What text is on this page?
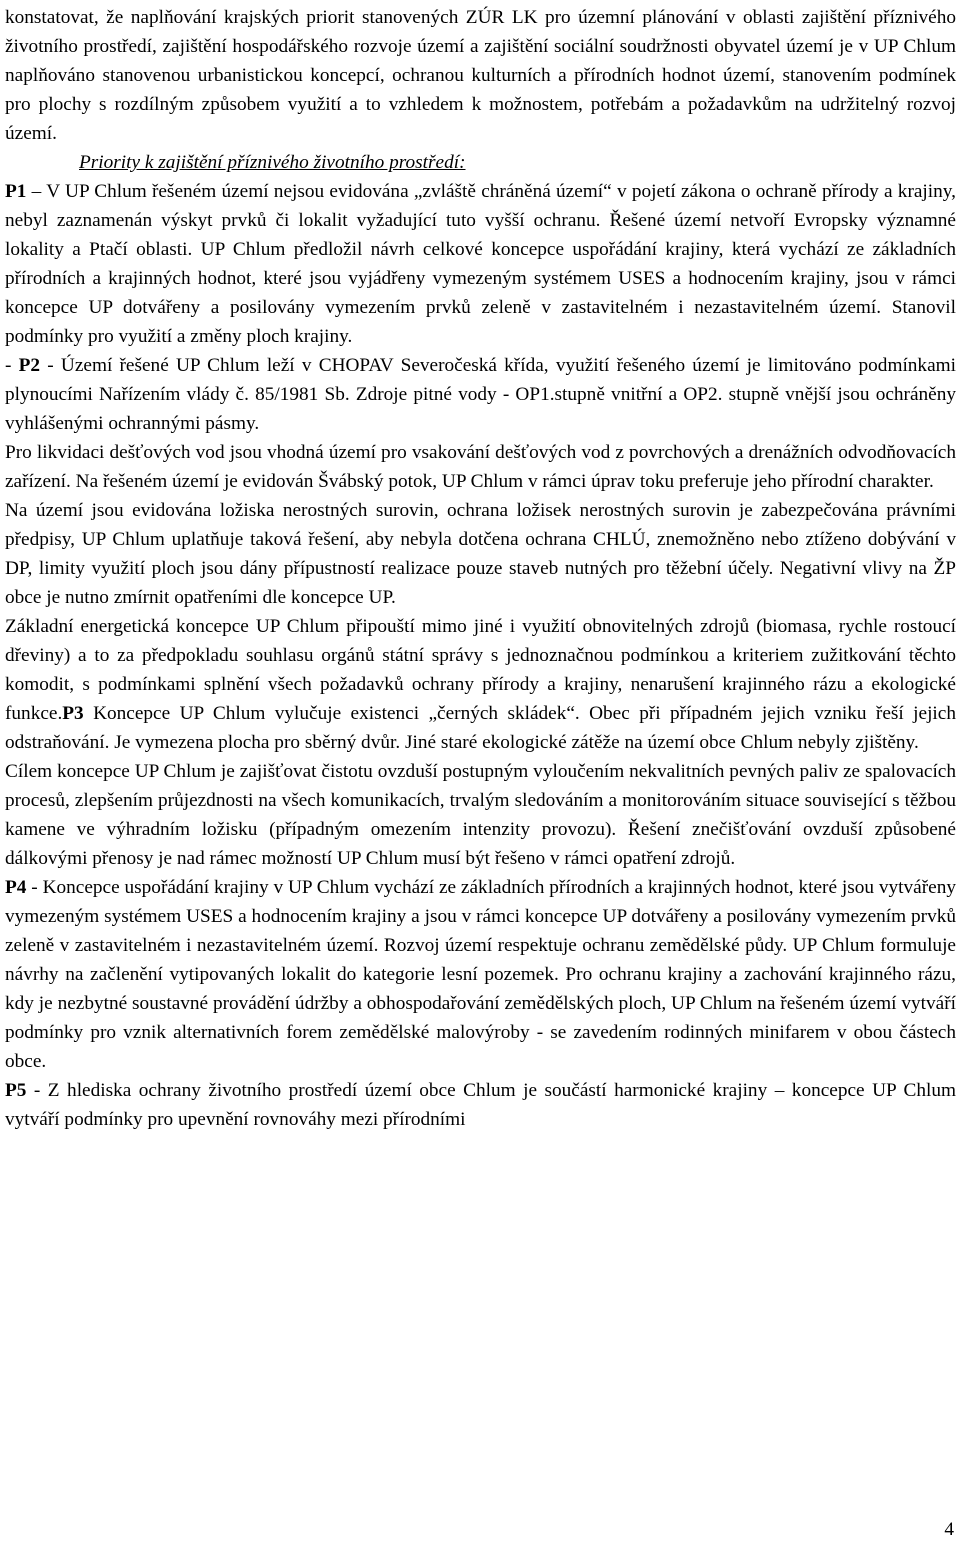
konstatovat, že naplňování krajských priorit stanovených ZÚR LK pro územní plánování v oblasti zajištění příznivého životního prostředí, zajištění hospodářského rozvoje území a zajištění sociální soudržnosti obyvatel území je v UP Chlum naplňováno stanovenou urbanistickou koncepcí, ochranou kulturních a přírodních hodnot území, stanovením podmínek pro plochy s rozdílným způsobem využití a to vzhledem k možnostem, potřebám a požadavkům na udržitelný rozvoj území.

Priority k zajištění příznivého životního prostředí:

P1 – V UP Chlum řešeném území nejsou evidována „zvláště chráněná území“ v pojetí zákona o ochraně přírody a krajiny, nebyl zaznamenán výskyt prvků či lokalit vyžadující tuto vyšší ochranu. Řešené území netvoří Evropsky významné lokality a Ptačí oblasti. UP Chlum předložil návrh celkové koncepce uspořádání krajiny, která vychází ze základních přírodních a krajinných hodnot, které jsou vyjádřeny vymezeným systémem USES a hodnocením krajiny, jsou v rámci koncepce UP dotvářeny a posilovány vymezením prvků zeleně v zastavitelném i nezastavitelném území. Stanovil podmínky pro využití a změny ploch krajiny.

- P2 - Území řešené UP Chlum leží v CHOPAV Severočeská křída, využití řešeného území je limitováno podmínkami plynoucími Nařízením vlády č. 85/1981 Sb. Zdroje pitné vody - OP1.stupně vnitřní a OP2. stupně vnější jsou ochráněny vyhlášenými ochrannými pásmy.

Pro likvidaci dešťových vod jsou vhodná území pro vsakování dešťových vod z povrchových a drenážních odvodňovacích zařízení. Na řešeném území je evidován Švábský potok, UP Chlum v rámci úprav toku preferuje jeho přírodní charakter.

Na území jsou evidována ložiska nerostných surovin, ochrana ložisek nerostných surovin je zabezpečována právními předpisy, UP Chlum uplatňuje taková řešení, aby nebyla dotčena ochrana CHLÚ, znemožněno nebo ztíženo dobývání v DP, limity využití ploch jsou dány přípustností realizace pouze staveb nutných pro těžební účely. Negativní vlivy na ŽP obce je nutno zmírnit opatřeními dle koncepce UP.

Základní energetická koncepce UP Chlum připouští mimo jiné i využití obnovitelných zdrojů (biomasa, rychle rostoucí dřeviny) a to za předpokladu souhlasu orgánů státní správy s jednoznačnou podmínkou a kriteriem zužitkování těchto komodit, s podmínkami splnění všech požadavků ochrany přírody a krajiny, nenarušení krajinného rázu a ekologické funkce.P3 Koncepce UP Chlum vylučuje existenci „černých skládek“. Obec při případném jejich vzniku řeší jejich odstraňování. Je vymezena plocha pro sběrný dvůr. Jiné staré ekologické zátěže na území obce Chlum nebyly zjištěny.

Cílem koncepce UP Chlum je zajišťovat čistotu ovzduší postupným vyloučením nekvalitních pevných paliv ze spalovacích procesů, zlepšením průjezdnosti na všech komunikacích, trvalým sledováním a monitorováním situace související s těžbou kamene ve výhradním ložisku (případným omezením intenzity provozu). Řešení znečišťování ovzduší způsobené dálkovými přenosy je nad rámec možností UP Chlum musí být řešeno v rámci opatření zdrojů.

P4 - Koncepce uspořádání krajiny v UP Chlum vychází ze základních přírodních a krajinných hodnot, které jsou vytvářeny vymezeným systémem USES a hodnocením krajiny a jsou v rámci koncepce UP dotvářeny a posilovány vymezením prvků zeleně v zastavitelném i nezastavitelném území. Rozvoj území respektuje ochranu zemědělské půdy. UP Chlum formuluje návrhy na začlenění vytipovaných lokalit do kategorie lesní pozemek. Pro ochranu krajiny a zachování krajinného rázu, kdy je nezbytné soustavné provádění údržby a obhospodařování zemědělských ploch, UP Chlum na řešeném území vytváří podmínky pro vznik alternativních forem zemědělské malovýroby - se zavedením rodinných minifarem v obou částech obce.

P5 - Z hlediska ochrany životního prostředí území obce Chlum je součástí harmonické krajiny – koncepce UP Chlum vytváří podmínky pro upevnění rovnováhy mezi přírodními

4
